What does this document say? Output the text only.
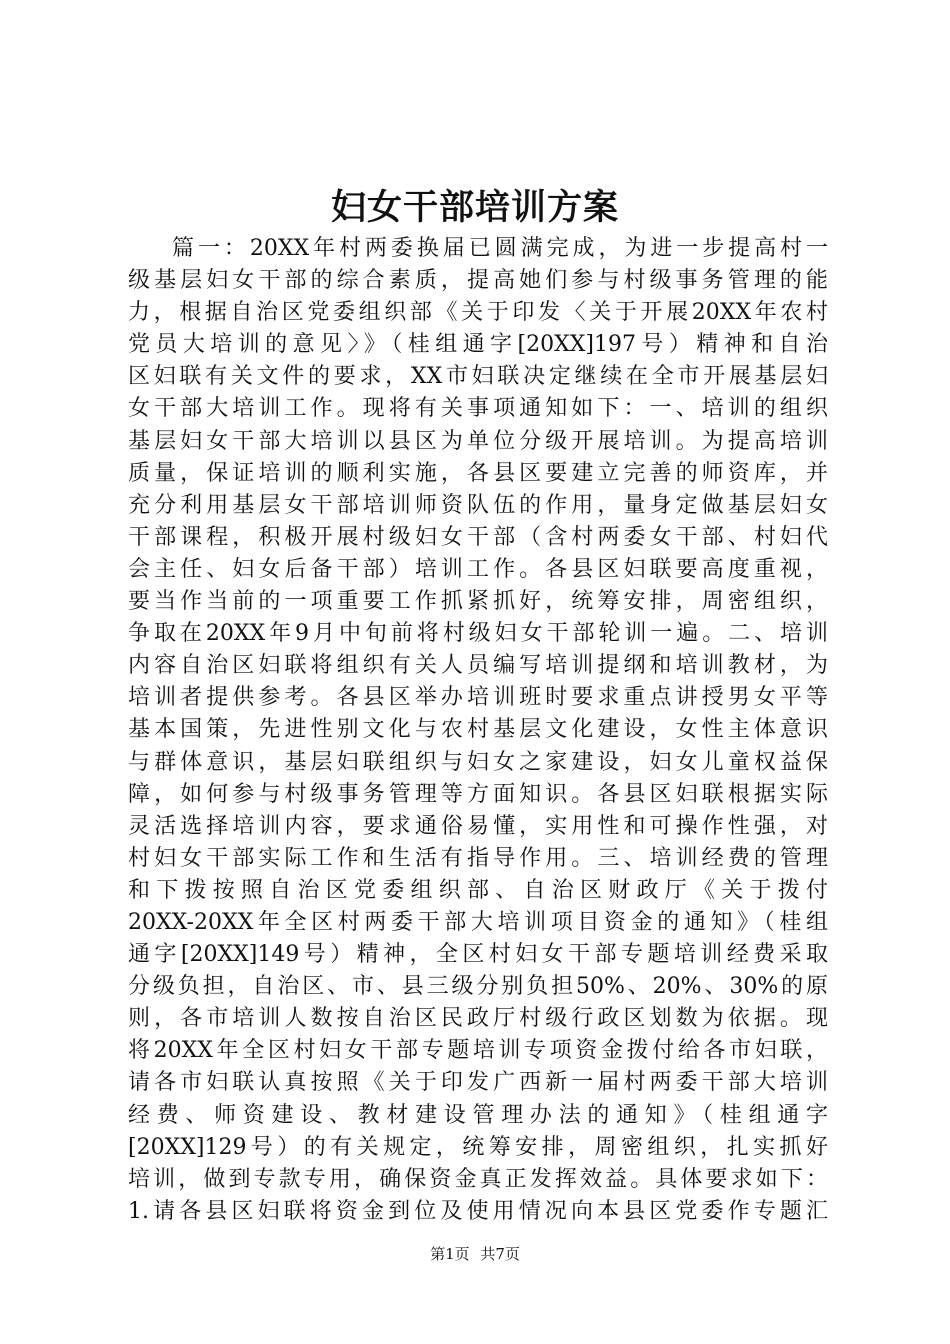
妇女干部培训方案
篇一：20XX年村两委换届已圆满完成，为进一步提高村一
级基层妇女干部的综合素质，提高她们参与村级事务管理的能
力，根据自治区党委组织部《关于印发〈关于开展20XX年农村
党员大培训的意见〉》（桂组通字[20XX]197号）精神和自治
区妇联有关文件的要求，XX市妇联决定继续在全市开展基层妇
女干部大培训工作。现将有关事项通知如下：一、培训的组织
基层妇女干部大培训以县区为单位分级开展培训。为提高培训
质量，保证培训的顺利实施，各县区要建立完善的师资库，并
充分利用基层女干部培训师资队伍的作用，量身定做基层妇女
干部课程，积极开展村级妇女干部（含村两委女干部、村妇代
会主任、妇女后备干部）培训工作。各县区妇联要高度重视，
要当作当前的一项重要工作抓紧抓好，统筹安排，周密组织，
争取在20XX年9月中旬前将村级妇女干部轮训一遍。二、培训
内容自治区妇联将组织有关人员编写培训提纲和培训教材，为
培训者提供参考。各县区举办培训班时要求重点讲授男女平等
基本国策，先进性别文化与农村基层文化建设，女性主体意识
与群体意识，基层妇联组织与妇女之家建设，妇女儿童权益保
障，如何参与村级事务管理等方面知识。各县区妇联根据实际
灵活选择培训内容，要求通俗易懂，实用性和可操作性强，对
村妇女干部实际工作和生活有指导作用。三、培训经费的管理
和下拨按照自治区党委组织部、自治区财政厅《关于拨付
20XX-20XX年全区村两委干部大培训项目资金的通知》（桂组
通字[20XX]149号）精神，全区村妇女干部专题培训经费采取
分级负担，自治区、市、县三级分别负担50%、20%、30%的原
则，各市培训人数按自治区民政厅村级行政区划数为依据。现
将20XX年全区村妇女干部专题培训专项资金拨付给各市妇联，
请各市妇联认真按照《关于印发广西新一届村两委干部大培训
经费、师资建设、教材建设管理办法的通知》（桂组通字
[20XX]129号）的有关规定，统筹安排，周密组织，扎实抓好
培训，做到专款专用，确保资金真正发挥效益。具体要求如下：
1.请各县区妇联将资金到位及使用情况向本县区党委作专题汇
第1页 共7页
